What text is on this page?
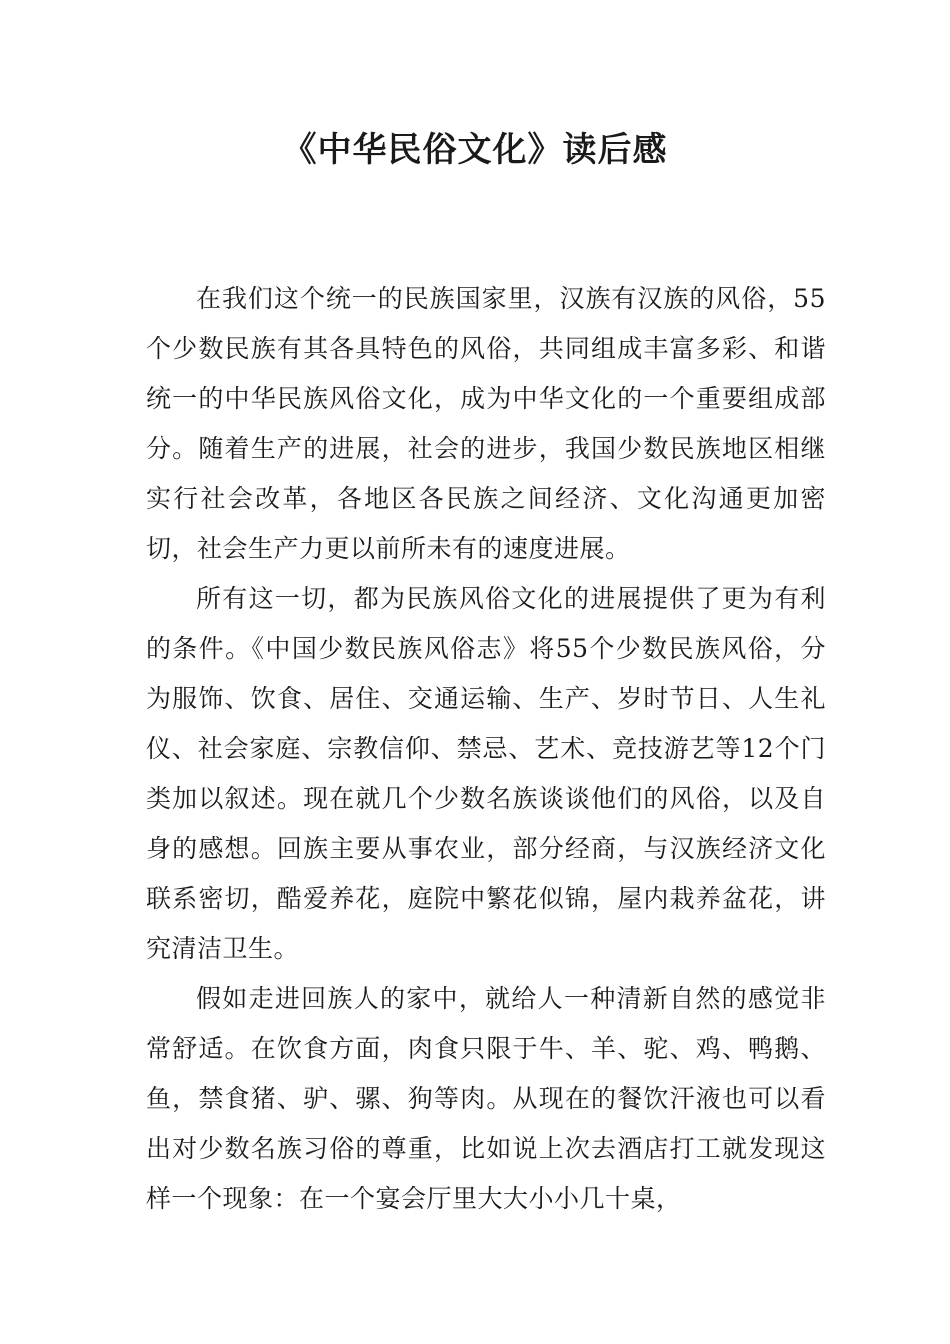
《中华民俗文化》读后感

在我们这个统一的民族国家里，汉族有汉族的风俗，55个少数民族有其各具特色的风俗，共同组成丰富多彩、和谐统一的中华民族风俗文化，成为中华文化的一个重要组成部分。随着生产的进展，社会的进步，我国少数民族地区相继实行社会改革，各地区各民族之间经济、文化沟通更加密切，社会生产力更以前所未有的速度进展。

所有这一切，都为民族风俗文化的进展提供了更为有利的条件。《中国少数民族风俗志》将55个少数民族风俗，分为服饰、饮食、居住、交通运输、生产、岁时节日、人生礼仪、社会家庭、宗教信仰、禁忌、艺术、竞技游艺等12个门类加以叙述。现在就几个少数名族谈谈他们的风俗，以及自身的感想。回族主要从事农业，部分经商，与汉族经济文化联系密切，酷爱养花，庭院中繁花似锦，屋内栽养盆花，讲究清洁卫生。

假如走进回族人的家中，就给人一种清新自然的感觉非常舒适。在饮食方面，肉食只限于牛、羊、驼、鸡、鸭鹅、鱼，禁食猪、驴、骡、狗等肉。从现在的餐饮汗液也可以看出对少数名族习俗的尊重，比如说上次去酒店打工就发现这样一个现象：在一个宴会厅里大大小小几十桌，
